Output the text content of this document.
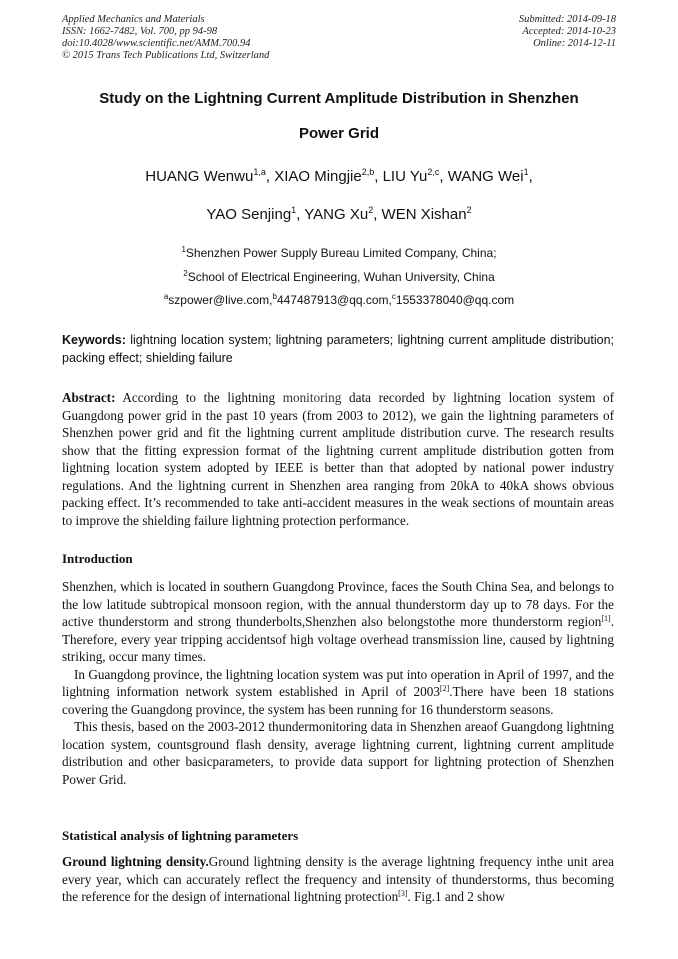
Applied Mechanics and Materials
ISSN: 1662-7482, Vol. 700, pp 94-98
doi:10.4028/www.scientific.net/AMM.700.94
© 2015 Trans Tech Publications Ltd, Switzerland
Submitted: 2014-09-18
Accepted: 2014-10-23
Online: 2014-12-11
Study on the Lightning Current Amplitude Distribution in Shenzhen
Power Grid
HUANG Wenwu$^{1,a}$, XIAO Mingjie$^{2,b}$, LIU Yu$^{2,c}$, WANG Wei$^1$,
YAO Senjing$^1$, YANG Xu$^2$, WEN Xishan$^2$
$^1$Shenzhen Power Supply Bureau Limited Company, China;
$^2$School of Electrical Engineering, Wuhan University, China
$^a$szpower@live.com,$^b$447487913@qq.com,$^c$1553378040@qq.com
Keywords: lightning location system; lightning parameters; lightning current amplitude distribution; packing effect; shielding failure
Abstract: According to the lightning monitoring data recorded by lightning location system of Guangdong power grid in the past 10 years (from 2003 to 2012), we gain the lightning parameters of Shenzhen power grid and fit the lightning current amplitude distribution curve. The research results show that the fitting expression format of the lightning current amplitude distribution gotten from lightning location system adopted by IEEE is better than that adopted by national power industry regulations. And the lightning current in Shenzhen area ranging from 20kA to 40kA shows obvious packing effect. It’s recommended to take anti-accident measures in the weak sections of mountain areas to improve the shielding failure lightning protection performance.
Introduction

Shenzhen, which is located in southern Guangdong Province, faces the South China Sea, and belongs to the low latitude subtropical monsoon region, with the annual thunderstorm day up to 78 days. For the active thunderstorm and strong thunderbolts,Shenzhen also belongstothe more thunderstorm region[1]. Therefore, every year tripping accidentsof high voltage overhead transmission line, caused by lightning striking, occur many times.

In Guangdong province, the lightning location system was put into operation in April of 1997, and the lightning information network system established in April of 2003[2].There have been 18 stations covering the Guangdong province, the system has been running for 16 thunderstorm seasons.

This thesis, based on the 2003-2012 thundermonitoring data in Shenzhen areaof Guangdong lightning location system, countsground flash density, average lightning current, lightning current amplitude distribution and other basicparameters, to provide data support for lightning protection of Shenzhen Power Grid.

Statistical analysis of lightning parameters
Ground lightning density.Ground lightning density is the average lightning frequency inthe unit area every year, which can accurately reflect the frequency and intensity of thunderstorms, thus becoming the reference for the design of international lightning protection[3]. Fig.1 and 2 show
